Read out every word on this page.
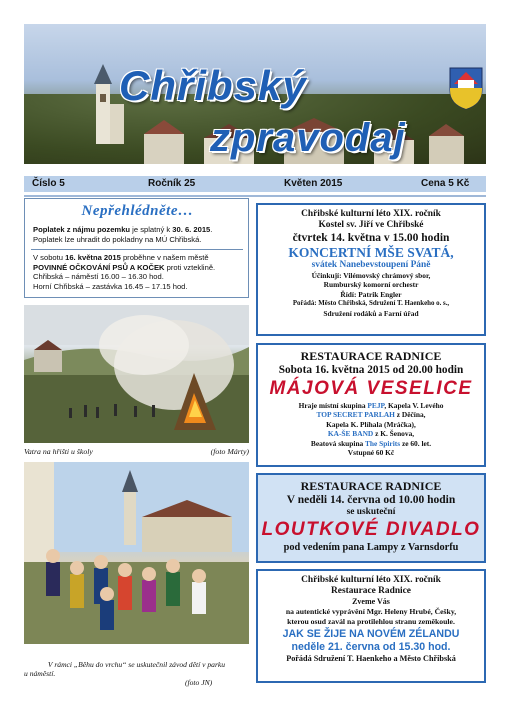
Chřibský
zpravodaj
Číslo 5	Ročník 25	Květen 2015	Cena 5 Kč
Nepřehlédněte…
Poplatek z nájmu pozemku je splatný k 30. 6. 2015.
Poplatek lze uhradit do pokladny na MÚ Chřibská.
V sobotu 16. května 2015 proběhne v našem městě
POVINNÉ OČKOVÁNÍ PSŮ A KOČEK proti vzteklině.
Chřibská – náměstí 16.00 – 16.30 hod.
Horní Chřibská – zastávka 16.45 – 17.15 hod.
Vatra na hřišti u školy	(foto Márty)
V rámci „Běhu do vrchu“ se uskutečnil závod dětí v parku

u náměstí.
(foto JN)
Chřibské kulturní léto XIX. ročník
Kostel sv. Jiří ve Chřibské
čtvrtek 14. května v 15.00 hodin
KONCERTNÍ MŠE SVATÁ,
svátek Nanebevstoupení Páně
Účinkují: Vilémovský chrámový sbor,
Rumburský komorní orchestr
Řídí: Patrik Engler
Pořádá: Město Chřibská, Sdružení T. Haenkeho o. s.,
Sdružení rodáků a Farní úřad
RESTAURACE RADNICE
Sobota 16. května 2015 od 20.00 hodin
MÁJOVÁ VESELICE
Hraje místní skupina PEJP, Kapela V. Levého
TOP SECRET PARLAH z Děčína,
Kapela K. Plíhala (Mráčka),
KA-ŠE BAND z K. Šenova,
Beatová skupina The Spirits ze 60. let.
Vstupné 60 Kč
RESTAURACE RADNICE
V neděli 14. června od 10.00 hodin
se uskuteční
LOUTKOVÉ DIVADLO
pod vedením pana Lampy z Varnsdorfu
Chřibské kulturní léto XIX. ročník
Restaurace Radnice
Zveme Vás
na autentické vyprávění Mgr. Heleny Hrubé, Češky,
kterou osud zavál na protilehlou stranu zeměkoule.
JAK SE ŽIJE NA NOVÉM ZÉLANDU
neděle 21. června od 15.30 hod.
Pořádá Sdružení T. Haenkeho a Město Chřibská
